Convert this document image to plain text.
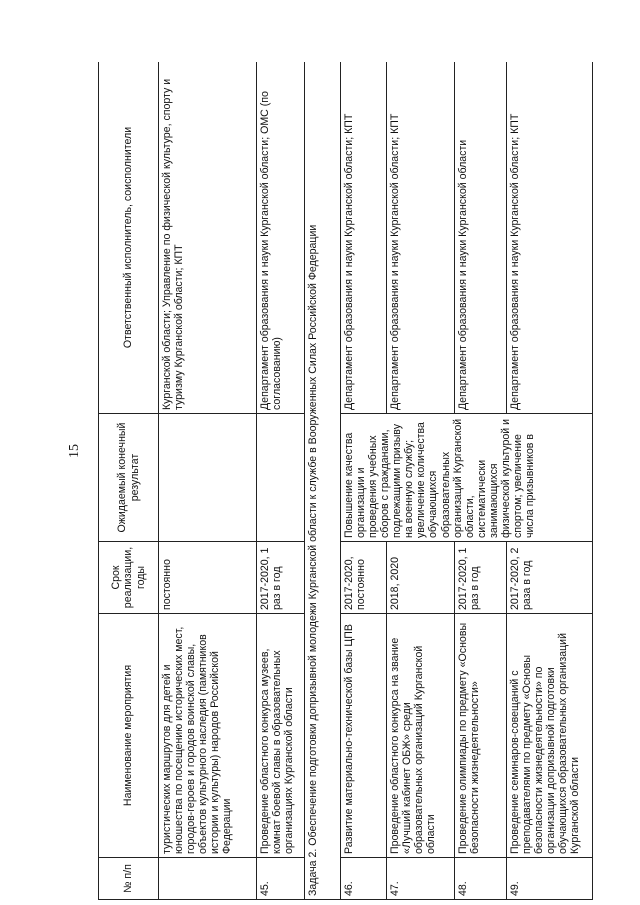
15
№ п/п	Наименование мероприятия	Срок реализации, годы	Ожидаемый конечный результат	Ответственный исполнитель, соисполнители
	туристических маршрутов для детей и юношества по посещению исторических мест, городов-героев и городов воинской славы, объектов культурного наследия (памятников истории и культуры) народов Российской Федерации	постоянно		Курганской области; Управление по физической культуре, спорту и туризму Курганской области; КПТ
45.	Проведение областного конкурса музеев, комнат боевой славы в образовательных организациях Курганской области	2017-2020, 1 раз в год		Департамент образования и науки Курганской области; ОМС (по согласованию)
Задача 2. Обеспечение подготовки допризывной молодежи Курганской области к службе в Вооруженных Силах Российской Федерации				
46.	Развитие материально-технической базы ЦПВ	2017-2020, постоянно	Повышение качества организации и проведения учебных сборов с гражданами, подлежащими призыву на военную службу; увеличение количества обучающихся образовательных организаций Курганской области, систематически занимающихся физической культурой и спортом; увеличение числа призывников в	Департамент образования и науки Курганской области; КПТ
47.	Проведение областного конкурса на звание «Лучший кабинет ОБЖ» среди образовательных организаций Курганской области	2018, 2020		Департамент образования и науки Курганской области; КПТ
48.	Проведение олимпиады по предмету «Основы безопасности жизнедеятельности»	2017-2020, 1 раз в год		Департамент образования и науки Курганской области
49.	Проведение семинаров-совещаний с преподавателями по предмету «Основы безопасности жизнедеятельности» по организации допризывной подготовки обучающихся образовательных организаций Курганской области	2017-2020, 2 раза в год		Департамент образования и науки Курганской области; КПТ
